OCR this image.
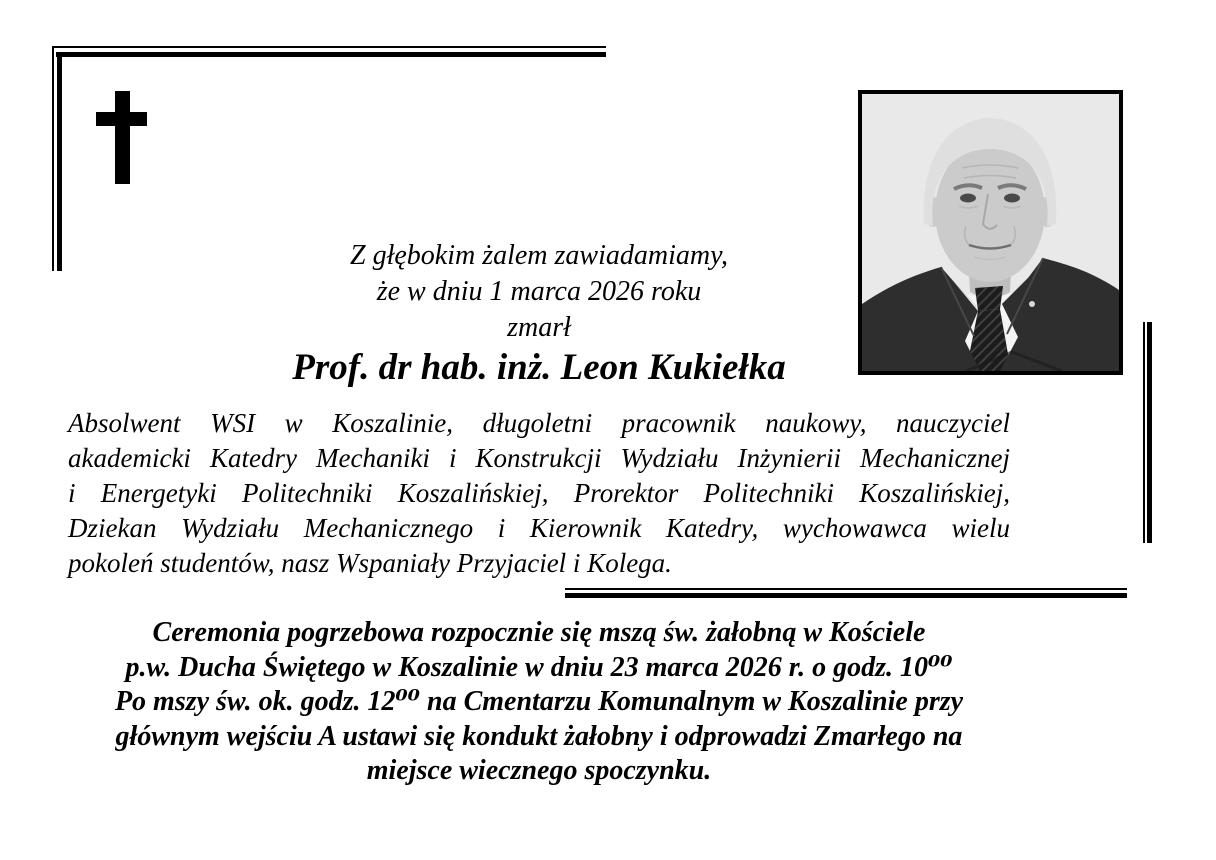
Z głębokim żalem zawiadamiamy,
że w dniu 1 marca 2026 roku
zmarł
Prof. dr hab. inż. Leon Kukiełka
Absolwent WSI w Koszalinie, długoletni pracownik naukowy, nauczyciel
akademicki Katedry Mechaniki i Konstrukcji Wydziału Inżynierii Mechanicznej
i Energetyki Politechniki Koszalińskiej, Prorektor Politechniki Koszalińskiej,
Dziekan Wydziału Mechanicznego i Kierownik Katedry, wychowawca wielu
pokoleń studentów, nasz Wspaniały Przyjaciel i Kolega.
Ceremonia pogrzebowa rozpocznie się mszą św. żałobną w Kościele
p.w. Ducha Świętego w Koszalinie w dniu 23 marca 2026 r. o godz. 10⁰⁰
Po mszy św. ok. godz. 12⁰⁰ na Cmentarzu Komunalnym w Koszalinie przy
głównym wejściu A ustawi się kondukt żałobny i odprowadzi Zmarłego na
miejsce wiecznego spoczynku.
